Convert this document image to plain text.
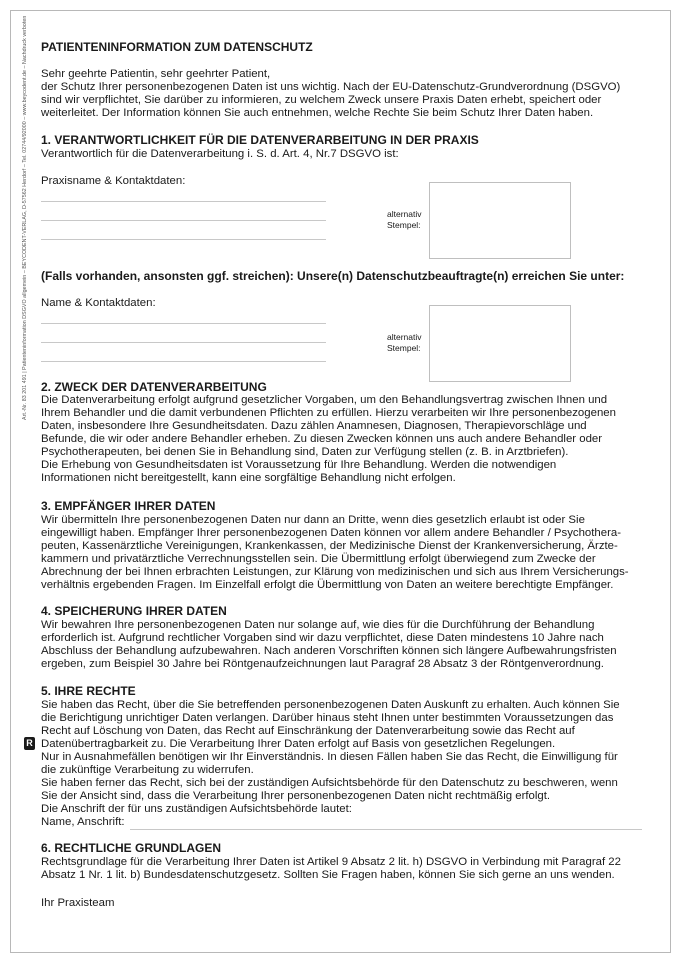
Art.-Nr. 83 201 491 | Patienteninformation DSGVO allgemein – BEYCODENT-VERLAG, D-57562 Herdorf – Tel. 02744/92000 – www.beycodent.de – Nachdruck verboten
R
PATIENTENINFORMATION ZUM DATENSCHUTZ
Sehr geehrte Patientin, sehr geehrter Patient,
der Schutz Ihrer personenbezogenen Daten ist uns wichtig. Nach der EU-Datenschutz-Grundverordnung (DSGVO)
sind wir verpflichtet, Sie darüber zu informieren, zu welchem Zweck unsere Praxis Daten erhebt, speichert oder
weiterleitet. Der Information können Sie auch entnehmen, welche Rechte Sie beim Schutz Ihrer Daten haben.
1. VERANTWORTLICHKEIT FÜR DIE DATENVERARBEITUNG IN DER PRAXIS
Verantwortlich für die Datenverarbeitung i. S. d. Art. 4, Nr.7 DSGVO ist:
Praxisname & Kontaktdaten:
alternativ
Stempel:
(Falls vorhanden, ansonsten ggf. streichen): Unsere(n) Datenschutzbeauftragte(n) erreichen Sie unter:
Name & Kontaktdaten:
alternativ
Stempel:
2. ZWECK DER DATENVERARBEITUNG
Die Datenverarbeitung erfolgt aufgrund gesetzlicher Vorgaben, um den Behandlungsvertrag zwischen Ihnen und
Ihrem Behandler und die damit verbundenen Pflichten zu erfüllen. Hierzu verarbeiten wir Ihre personenbezogenen
Daten, insbesondere Ihre Gesundheitsdaten. Dazu zählen Anamnesen, Diagnosen, Therapievorschläge und
Befunde, die wir oder andere Behandler erheben. Zu diesen Zwecken können uns auch andere Behandler oder
Psychotherapeuten, bei denen Sie in Behandlung sind, Daten zur Verfügung stellen (z. B. in Arztbriefen).
Die Erhebung von Gesundheitsdaten ist Voraussetzung für Ihre Behandlung. Werden die notwendigen
Informationen nicht bereitgestellt, kann eine sorgfältige Behandlung nicht erfolgen.
3. EMPFÄNGER IHRER DATEN
Wir übermitteln Ihre personenbezogenen Daten nur dann an Dritte, wenn dies gesetzlich erlaubt ist oder Sie
eingewilligt haben. Empfänger Ihrer personenbezogenen Daten können vor allem andere Behandler / Psychothera-
peuten, Kassenärztliche Vereinigungen, Krankenkassen, der Medizinische Dienst der Krankenversicherung, Ärzte-
kammern und privatärztliche Verrechnungsstellen sein. Die Übermittlung erfolgt überwiegend zum Zwecke der
Abrechnung der bei Ihnen erbrachten Leistungen, zur Klärung von medizinischen und sich aus Ihrem Versicherungs-
verhältnis ergebenden Fragen. Im Einzelfall erfolgt die Übermittlung von Daten an weitere berechtigte Empfänger.
4. SPEICHERUNG IHRER DATEN
Wir bewahren Ihre personenbezogenen Daten nur solange auf, wie dies für die Durchführung der Behandlung
erforderlich ist. Aufgrund rechtlicher Vorgaben sind wir dazu verpflichtet, diese Daten mindestens 10 Jahre nach
Abschluss der Behandlung aufzubewahren. Nach anderen Vorschriften können sich längere Aufbewahrungsfristen
ergeben, zum Beispiel 30 Jahre bei Röntgenaufzeichnungen laut Paragraf 28 Absatz 3 der Röntgenverordnung.
5. IHRE RECHTE
Sie haben das Recht, über die Sie betreffenden personenbezogenen Daten Auskunft zu erhalten. Auch können Sie
die Berichtigung unrichtiger Daten verlangen. Darüber hinaus steht Ihnen unter bestimmten Voraussetzungen das
Recht auf Löschung von Daten, das Recht auf Einschränkung der Datenverarbeitung sowie das Recht auf
Datenübertragbarkeit zu. Die Verarbeitung Ihrer Daten erfolgt auf Basis von gesetzlichen Regelungen.
Nur in Ausnahmefällen benötigen wir Ihr Einverständnis. In diesen Fällen haben Sie das Recht, die Einwilligung für
die zukünftige Verarbeitung zu widerrufen.
Sie haben ferner das Recht, sich bei der zuständigen Aufsichtsbehörde für den Datenschutz zu beschweren, wenn
Sie der Ansicht sind, dass die Verarbeitung Ihrer personenbezogenen Daten nicht rechtmäßig erfolgt.
Die Anschrift der für uns zuständigen Aufsichtsbehörde lautet:
Name, Anschrift:
6. RECHTLICHE GRUNDLAGEN
Rechtsgrundlage für die Verarbeitung Ihrer Daten ist Artikel 9 Absatz 2 lit. h) DSGVO in Verbindung mit Paragraf 22
Absatz 1 Nr. 1 lit. b) Bundesdatenschutzgesetz. Sollten Sie Fragen haben, können Sie sich gerne an uns wenden.
Ihr Praxisteam
